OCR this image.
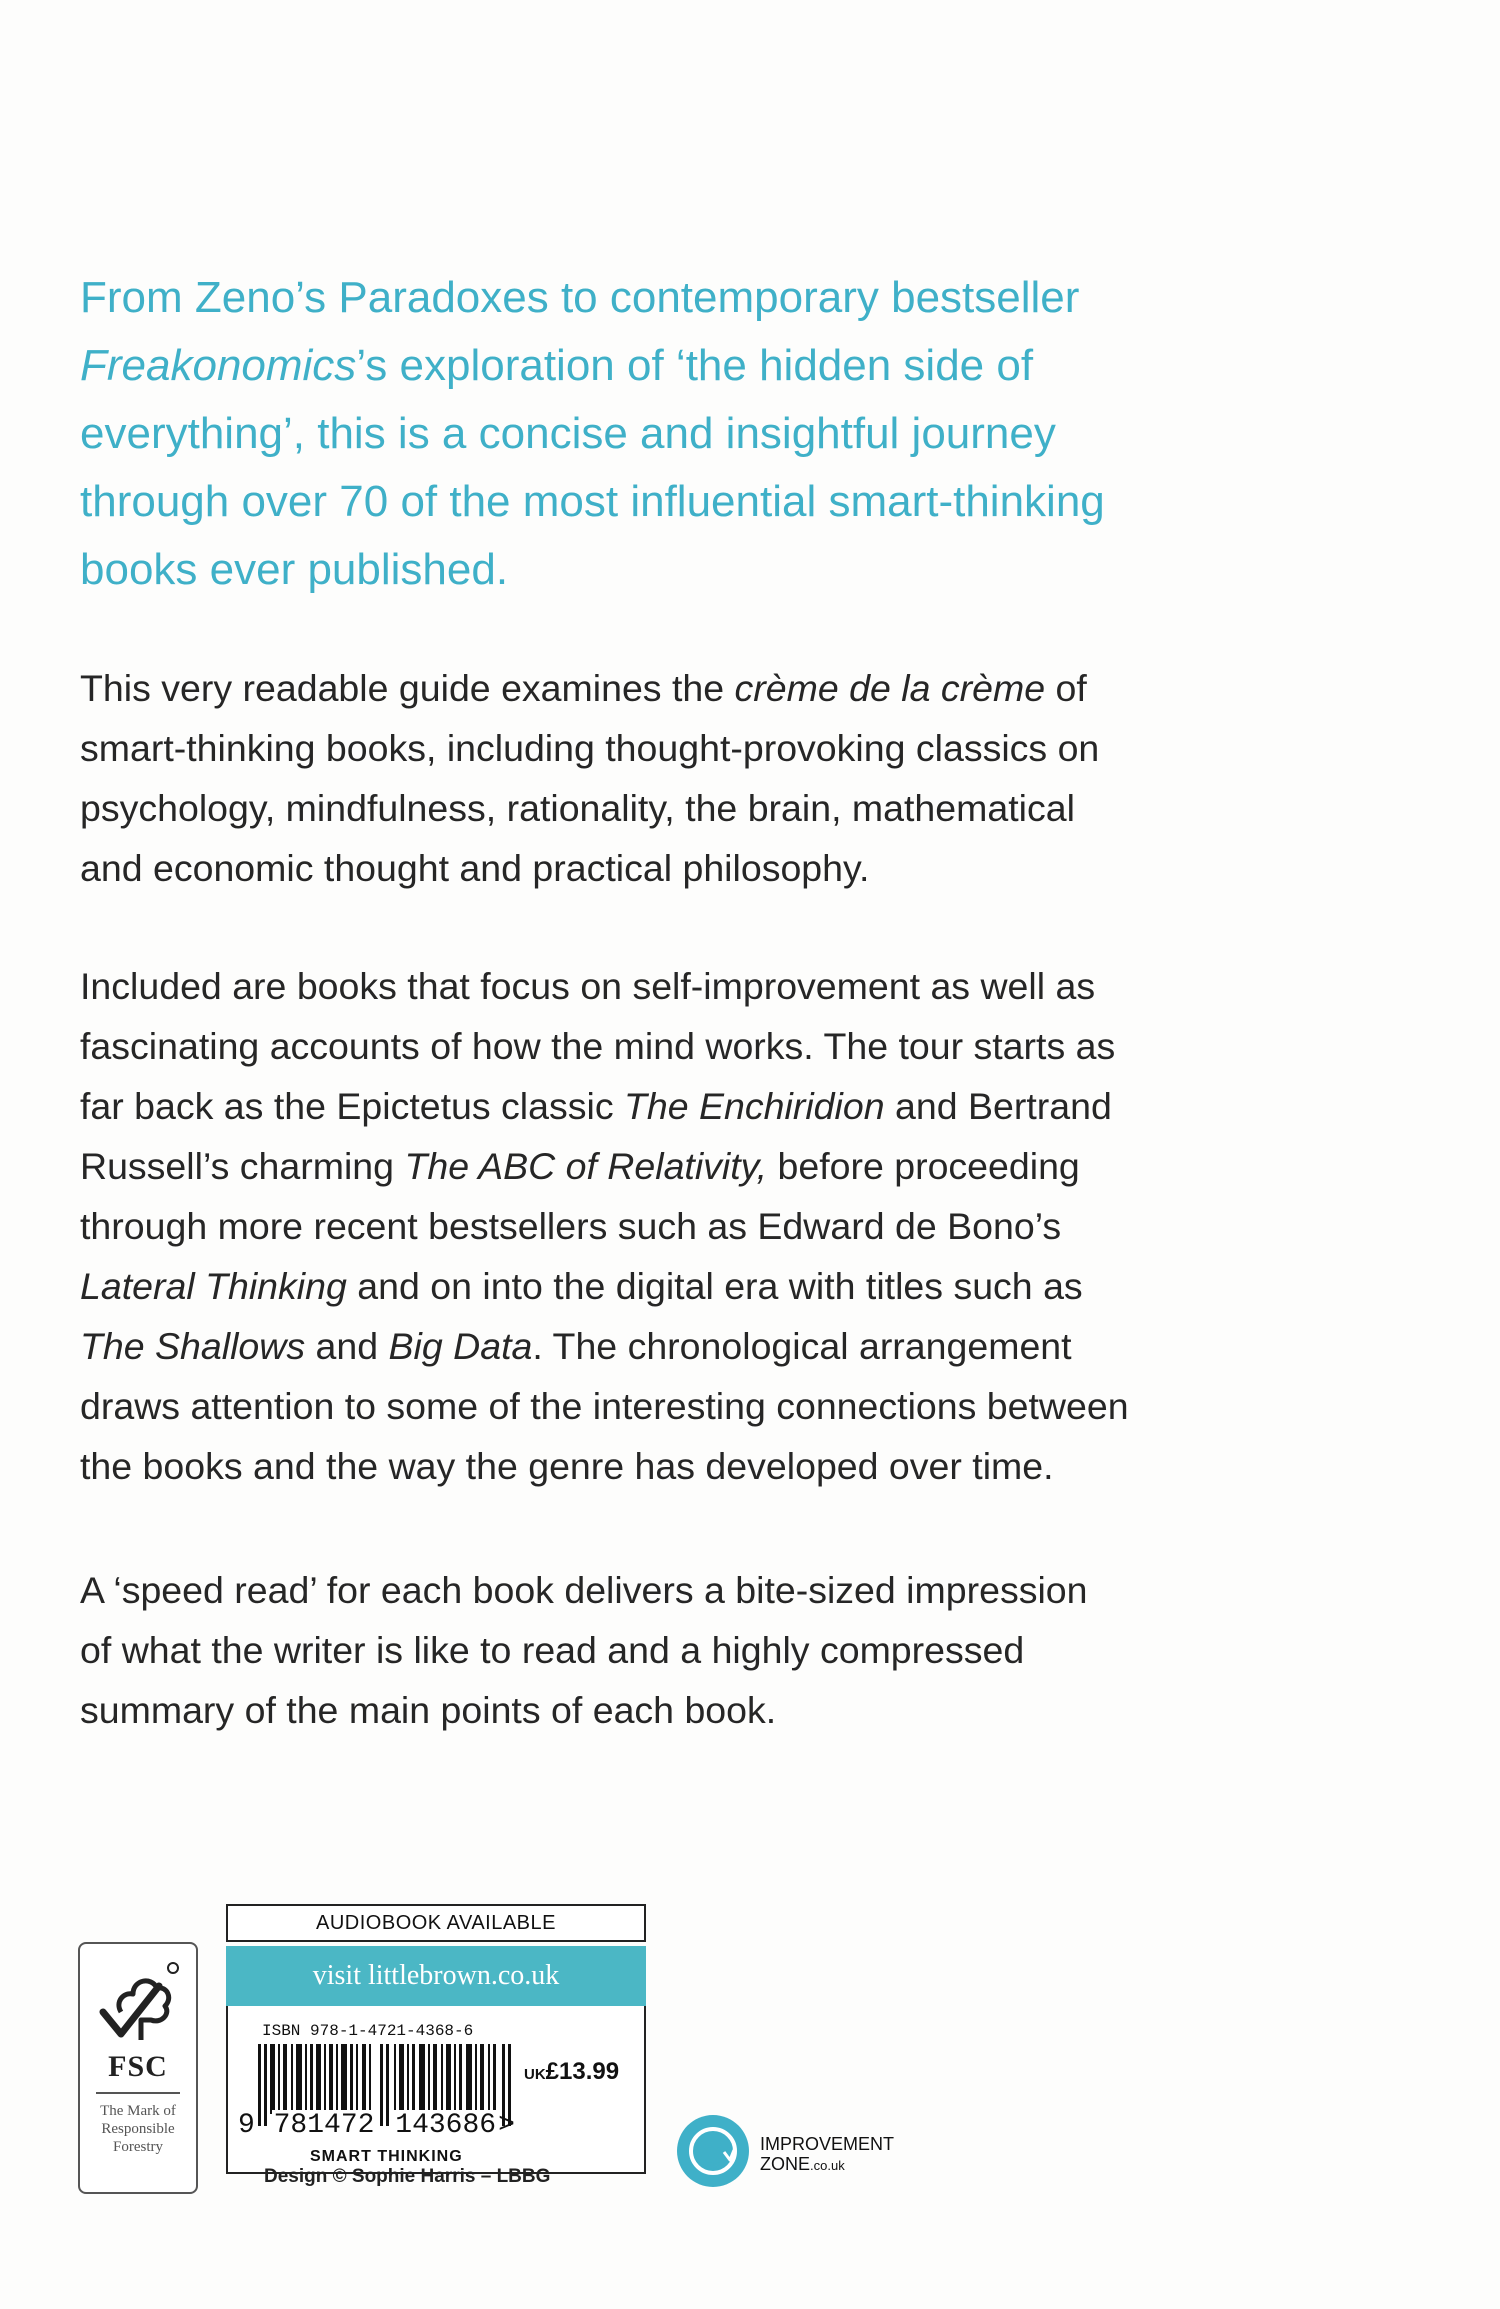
From Zeno’s Paradoxes to contemporary bestseller
Freakonomics’s exploration of ‘the hidden side of
everything’, this is a concise and insightful journey
through over 70 of the most influential smart-thinking
books ever published.

This very readable guide examines the crème de la crème of
smart-thinking books, including thought-provoking classics on
psychology, mindfulness, rationality, the brain, mathematical
and economic thought and practical philosophy.

Included are books that focus on self-improvement as well as
fascinating accounts of how the mind works. The tour starts as
far back as the Epictetus classic The Enchiridion and Bertrand
Russell’s charming The ABC of Relativity, before proceeding
through more recent bestsellers such as Edward de Bono’s
Lateral Thinking and on into the digital era with titles such as
The Shallows and Big Data. The chronological arrangement
draws attention to some of the interesting connections between
the books and the way the genre has developed over time.

A ‘speed read’ for each book delivers a bite-sized impression
of what the writer is like to read and a highly compressed
summary of the main points of each book.

FSC
The Mark of Responsible Forestry
AUDIOBOOK AVAILABLE
visit littlebrown.co.uk
ISBN 978-1-4721-4368-6
UK£13.99
9 781472 143686>
SMART THINKING
Design © Sophie Harris – LBBG
IMPROVEMENT
ZONE.co.uk
